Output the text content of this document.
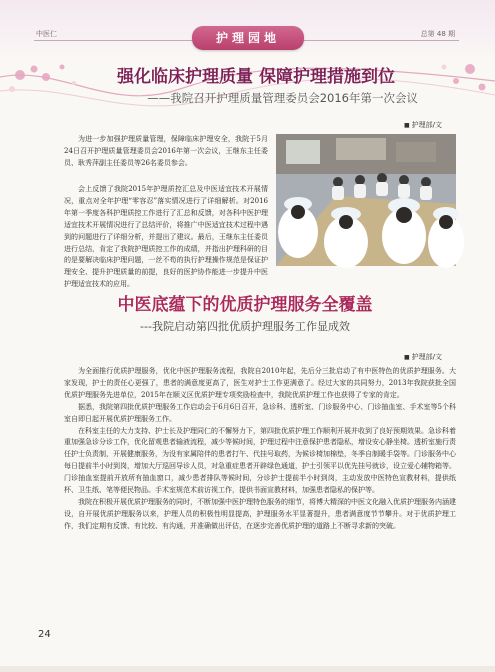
中医仁	总第 48 期
护理园地
强化临床护理质量 保障护理措施到位
——我院召开护理质量管理委员会2016年第一次会议
■ 护理部/文

为进一步加强护理质量管理，保障临床护理安全，我院于5月24日召开护理质量管理委员会2016年第一次会议，王继东主任委员、耿秀萍副主任委员等26名委员参会。

会上反馈了我院2015年护理质控汇总及中医适宜技术开展情况，重点对全年护理“零容忍”落实情况进行了详细解析。对2016年第一季度各科护理质控工作进行了汇总和反馈，对各科中医护理适宜技术开展情况进行了总结评价，将推广中医适宜技术过程中遇到的问题进行了详细分析，并提出了建议。最后，王继东主任委员进行总结，肯定了我院护理质控工作的成绩，并指出护理科研的目的是要解决临床护理问题，一丝不苟的执行护理操作规范是保证护理安全、提升护理质量的前提，良好的医护协作能进一步提升中医护理适宜技术的应用。

中医底蕴下的优质护理服务全覆盖
---我院启动第四批优质护理服务工作显成效
■ 护理部/文

为全面推行优质护理服务，优化中医护理服务流程，我院自2010年起，先后分三批启动了有中医特色的优质护理服务。大家发现，护士的责任心更强了，患者的满意度更高了，医生对护士工作更满意了。经过大家的共同努力，2013年我院获批全国优质护理服务先进单位，2015年在顺义区优质护理专项奖励检查中，我院优质护理工作也获得了专家的肯定。

据悉，我院第四批优质护理服务工作启动会于6月6日召开，急诊科、透析室、门诊服务中心、门诊抽血室、手术室等5个科室自即日起开展优质护理服务工作。

在科室主任的大力支持、护士长及护理同仁的不懈努力下，第四批优质护理工作顺利开展并收到了良好预期效果。急诊科着重加强急诊分诊工作，优化留观患者输液流程，减少等候时间，护理过程中注意保护患者隐私，增设安心静坐椅。透析室施行责任护士负责制，开展健康服务，为没有家属陪伴的患者打午、代挂号取药，为候诊椅加棉垫，冬季自制暖手袋等。门诊服务中心每日提前半小时到岗，增加大厅巡回导诊人员，对急重症患者开辟绿色通道，护士引领平以优先挂号就诊，设立爱心辅物箱等。门诊抽血室提前开放所有抽血窗口，减少患者排队等候时间，分诊护士提前半小时到岗，主动发放中医特色宣教材料，提供纸杯、卫生纸、笔等便民物品。手术室规范术前访视工作，提供书面宣教材料，加强患者隐私的保护等。

我院在积极开展优质护理服务的同时，不断加强中医护理特色服务的细节，将博大精深的中医文化融入优质护理服务内涵建设，自开展优质护理服务以来，护理人员的积极性明显提高，护理服务水平显著提升，患者满意度节节攀升。对于优质护理工作，我们定期有反馈、有比较、有沟通，并准确做出评估，在逐步完善优质护理的道路上不断寻求新的突破。

24
